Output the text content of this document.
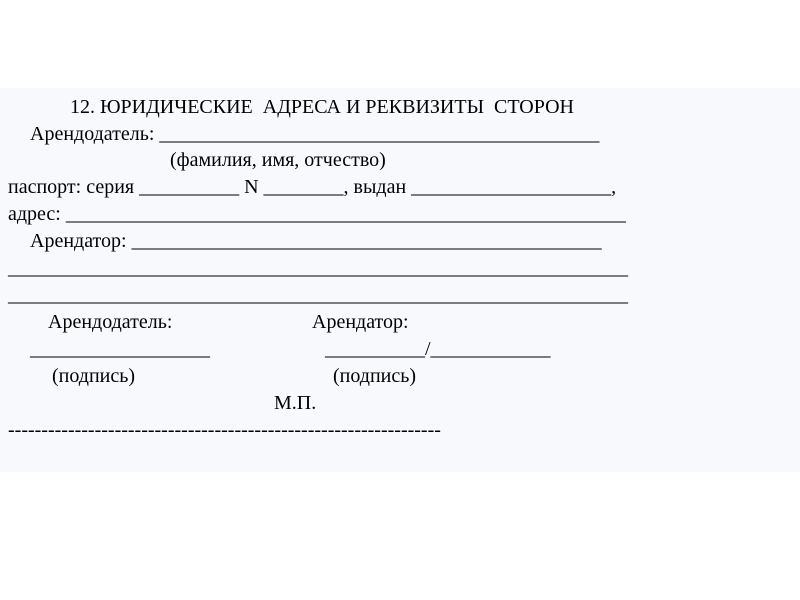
12. ЮРИДИЧЕСКИЕ  АДРЕСА И РЕКВИЗИТЫ  СТОРОН
Арендодатель: ____________________________________________
(фамилия, имя, отчество)
паспорт: серия __________ N ________, выдан ____________________,
адрес: ________________________________________________________
Арендатор: _______________________________________________
______________________________________________________________
______________________________________________________________
Арендодатель:	Арендатор:
__________________	__________/____________
(подпись)	(подпись)
М.П.
-----------------------------------------------------------------
